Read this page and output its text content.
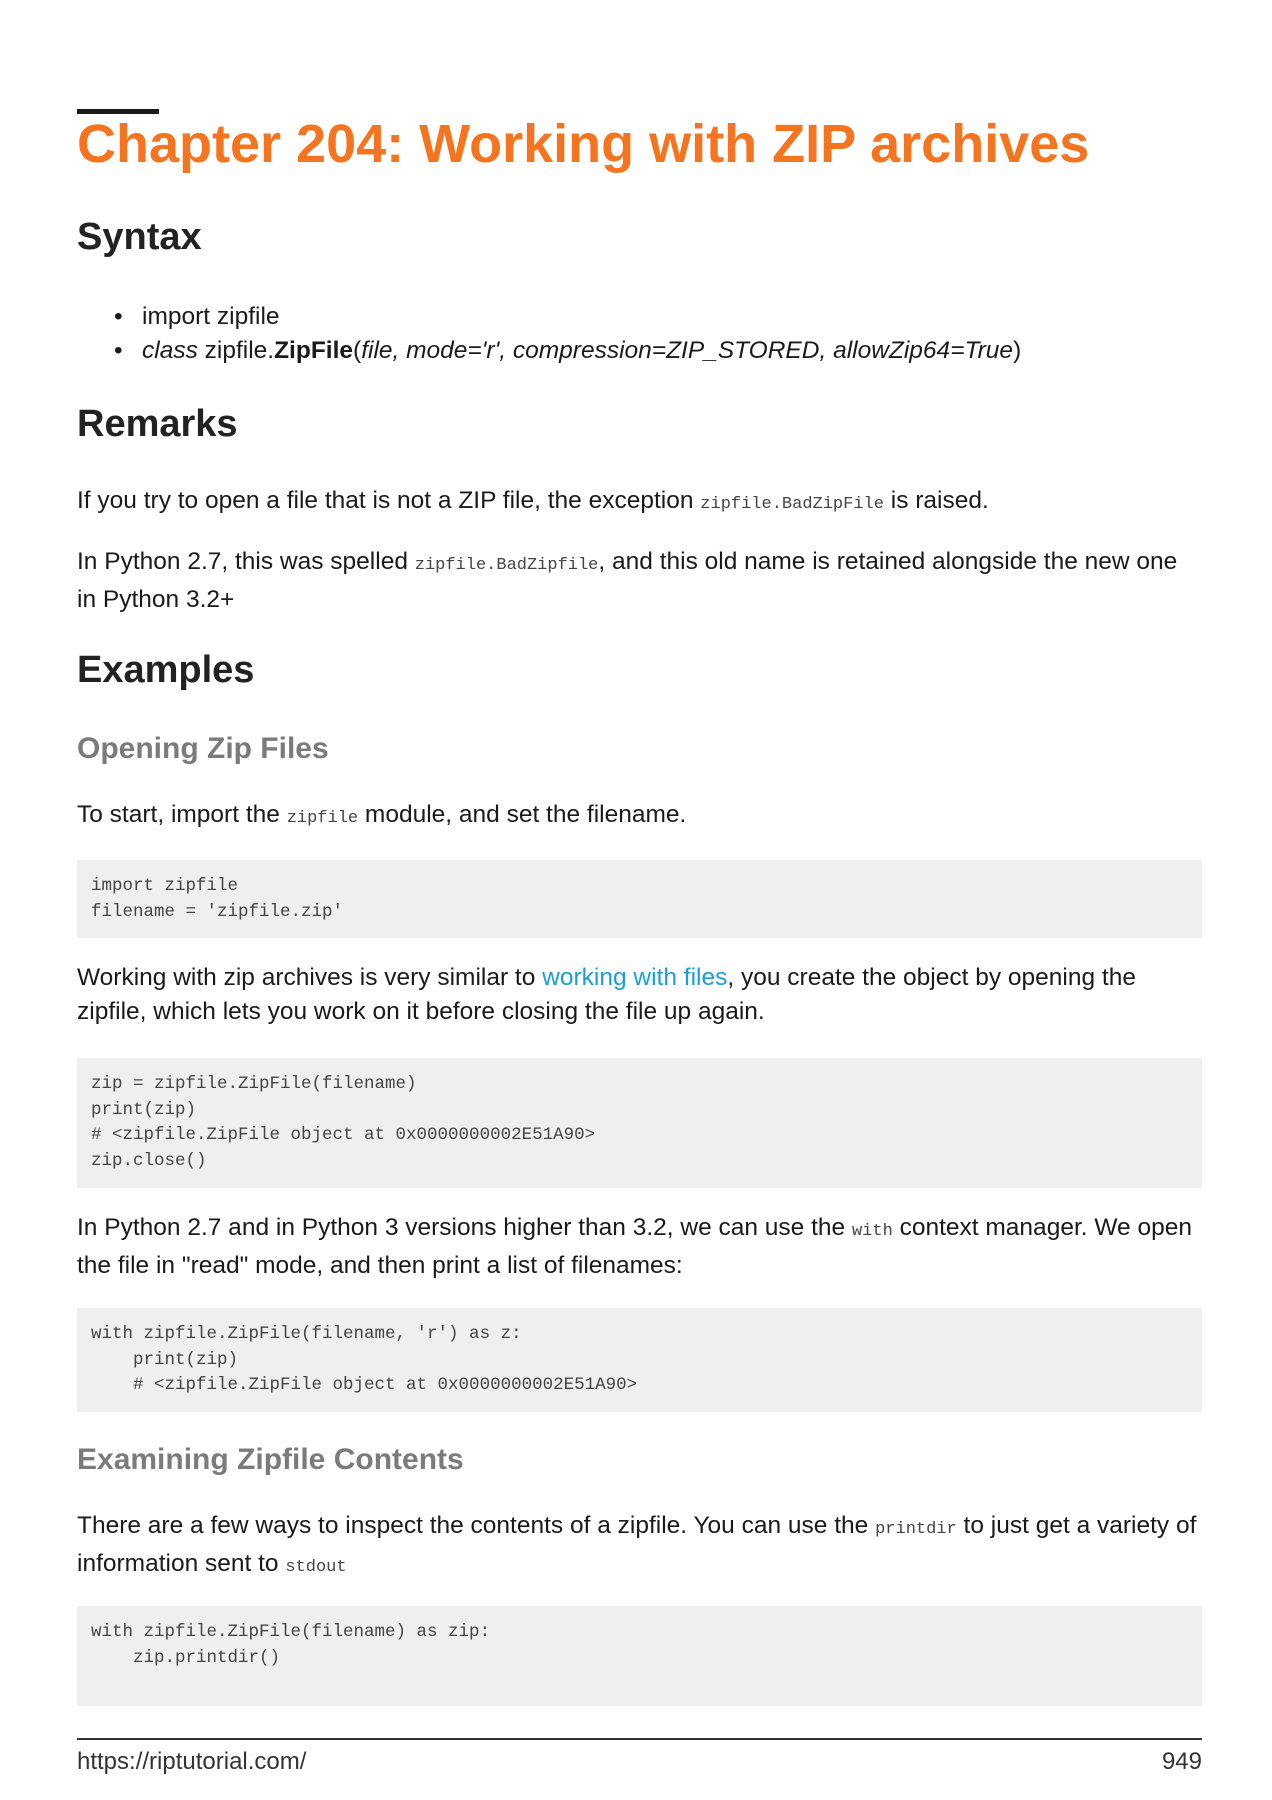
Chapter 204: Working with ZIP archives
Syntax
• import zipfile
• class zipfile.ZipFile(file, mode='r', compression=ZIP_STORED, allowZip64=True)
Remarks

If you try to open a file that is not a ZIP file, the exception zipfile.BadZipFile is raised.

In Python 2.7, this was spelled zipfile.BadZipfile, and this old name is retained alongside the new one in Python 3.2+

Examples
Opening Zip Files

To start, import the zipfile module, and set the filename.

import zipfile
filename = 'zipfile.zip'

Working with zip archives is very similar to working with files, you create the object by opening the zipfile, which lets you work on it before closing the file up again.

zip = zipfile.ZipFile(filename)
print(zip)
# <zipfile.ZipFile object at 0x0000000002E51A90>
zip.close()

In Python 2.7 and in Python 3 versions higher than 3.2, we can use the with context manager. We open the file in "read" mode, and then print a list of filenames:

with zipfile.ZipFile(filename, 'r') as z:
print(zip)
# <zipfile.ZipFile object at 0x0000000002E51A90>
Examining Zipfile Contents

There are a few ways to inspect the contents of a zipfile. You can use the printdir to just get a variety of information sent to stdout

with zipfile.ZipFile(filename) as zip:
zip.printdir()
https://riptutorial.com/	949
